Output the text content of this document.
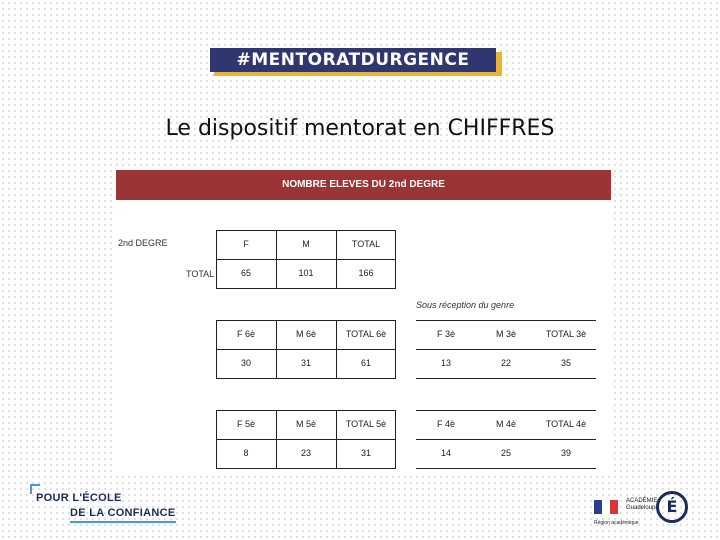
#MENTORATDURGENCE
Le dispositif mentorat en CHIFFRES
NOMBRE ELEVES DU 2nd DEGRE
2nd DEGRE
TOTAL
F	M	TOTAL
65	101	166
Sous réception du genre
F 6è	M 6è	TOTAL 6è
30	31	61
F 3è	M 3è	TOTAL 3è
13	22	35
F 5è	M 5è	TOTAL 5è
8	23	31
F 4è	M 4è	TOTAL 4è
14	25	39
POUR L'ÉCOLE
DE LA CONFIANCE
ACADÉMIE
Guadeloupe
Région académique
É
